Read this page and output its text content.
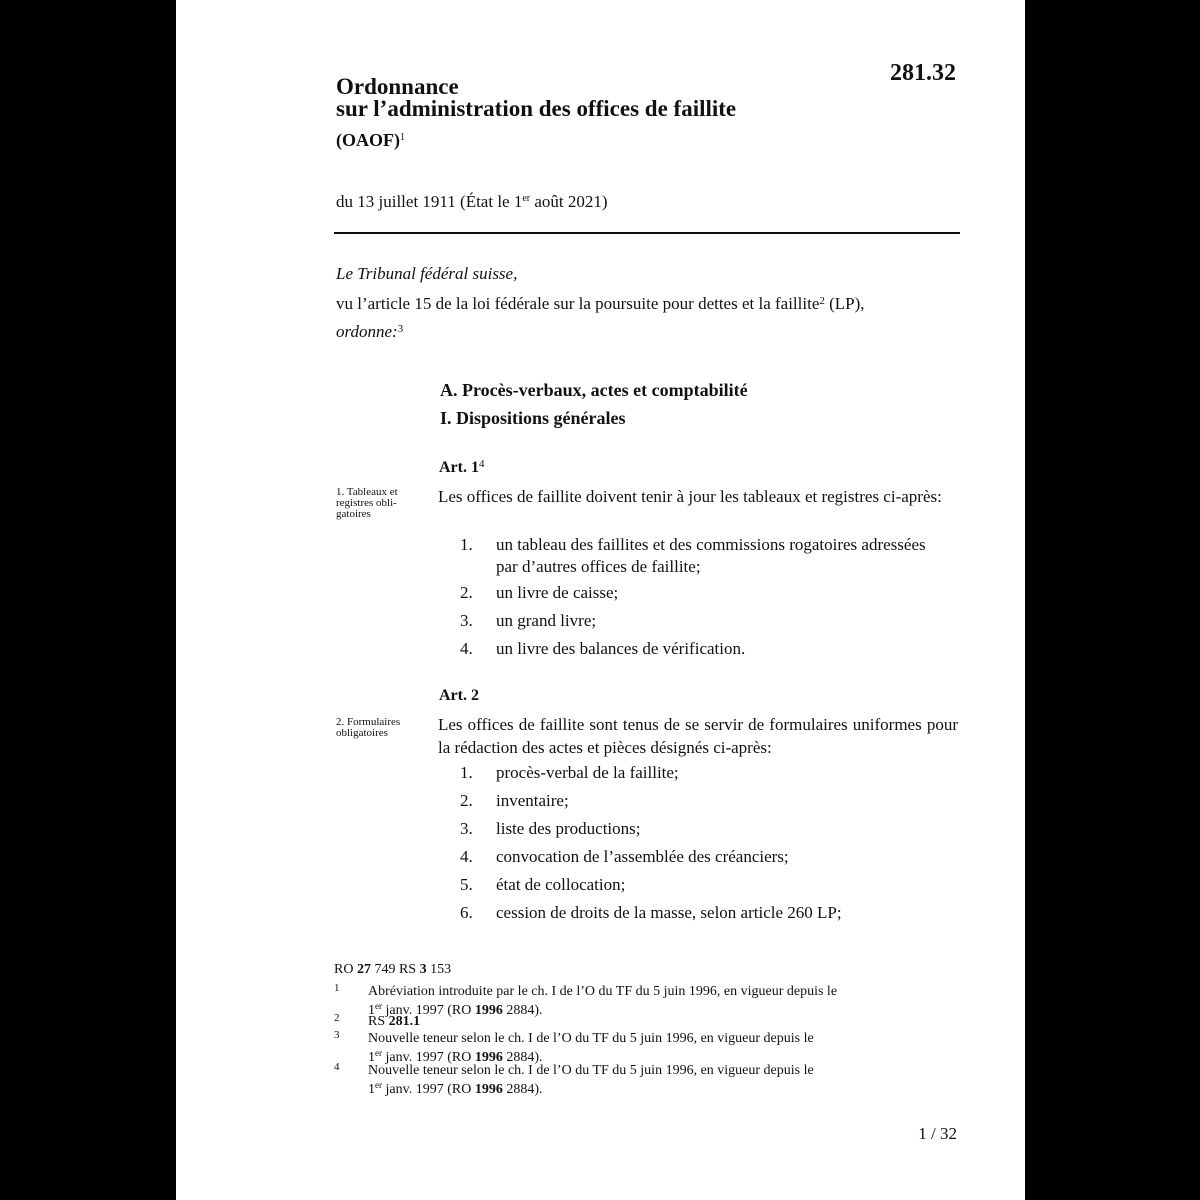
281.32
Ordonnance
sur l’administration des offices de faillite
(OAOF)$^1$
du 13 juillet 1911 (État le 1er août 2021)
Le Tribunal fédéral suisse,
vu l’article 15 de la loi fédérale sur la poursuite pour dettes et la faillite$^2$ (LP),
ordonne:$^3$
A. Procès-verbaux, actes et comptabilité
I. Dispositions générales
Art. $1^4$
1. Tableaux et registres obli-gatoires
Les offices de faillite doivent tenir à jour les tableaux et registres ci-après:
1. un tableau des faillites et des commissions rogatoires adressées
par d’autres offices de faillite;
2. un livre de caisse;
3. un grand livre;
4. un livre des balances de vérification.
Art. 2
2. Formulaires obligatoires	Les offices de faillite sont tenus de se servir de formulaires uniformes pour la rédaction des actes et pièces désignés ci-après:
1. procès-verbal de la faillite;
2. inventaire;
3. liste des productions;
4. convocation de l’assemblée des créanciers;
5. état de collocation;
6. cession de droits de la masse, selon article 260 LP;
RO 27 749 RS 3 153
1 Abréviation introduite par le ch. I de l’O du TF du 5 juin 1996, en vigueur depuis le
1er janv. 1997 (RO 1996 2884).
2 RS 281.1
3 Nouvelle teneur selon le ch. I de l’O du TF du 5 juin 1996, en vigueur depuis le
1er janv. 1997 (RO 1996 2884).
4 Nouvelle teneur selon le ch. I de l’O du TF du 5 juin 1996, en vigueur depuis le
1er janv. 1997 (RO 1996 2884).
1 / 32
